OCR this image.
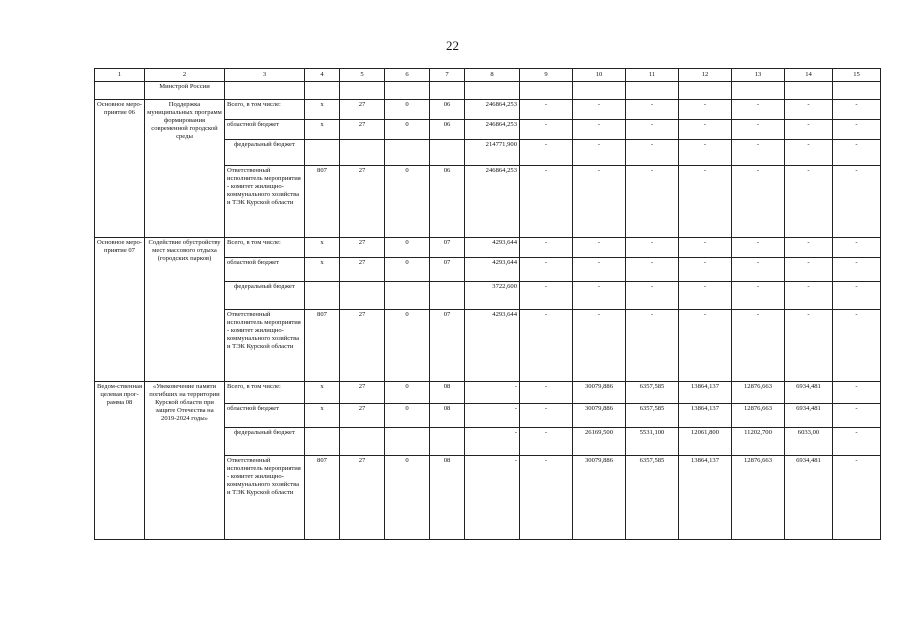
22
1	2	3	4	5	6	7	8	9	10	11	12	13	14	15
	Минстрой России													
Основное меро-приятие 06	Поддержка муниципальных программ формирования современной городской среды	Всего, в том числе:	х	27	0	06	246864,253	-	-	-	-	-	-	-
		областной бюджет	х	27	0	06	246864,253	-	-	-	-	-	-	-
		федеральный бюджет					214771,900	-	-	-	-	-	-	-
		Ответственный исполнитель мероприятия - комитет жилищно-коммунального хозяйства и ТЭК Курской области	807	27	0	06	246864,253	-	-	-	-	-	-	-
Основное меро-приятие 07	Содействие обустройству мест массового отдыха (городских парков)	Всего, в том числе:	х	27	0	07	4293,644	-	-	-	-	-	-	-
		областной бюджет	х	27	0	07	4293,644	-	-	-	-	-	-	-
		федеральный бюджет					3722,600	-	-	-	-	-	-	-
		Ответственный исполнитель мероприятия - комитет жилищно-коммунального хозяйства и ТЭК Курской области	807	27	0	07	4293,644	-	-	-	-	-	-	-
Ведом-ственная целевая прог-рамма 08	«Увековечение памяти погибших на территории Курской области при защите Отечества на 2019-2024 годы»	Всего, в том числе:	х	27	0	08	-	-	30079,886	6357,585	13864,137	12876,663	6934,481	-
		областной бюджет	х	27	0	08	-	-	30079,886	6357,585	13864,137	12876,663	6934,481	-
		федеральный бюджет					-	-	26169,500	5531,100	12061,800	11202,700	6033,00	-
		Ответственный исполнитель мероприятия - комитет жилищно-коммунального хозяйства и ТЭК Курской области	807	27	0	08	-	-	30079,886	6357,585	13864,137	12876,663	6934,481	-
